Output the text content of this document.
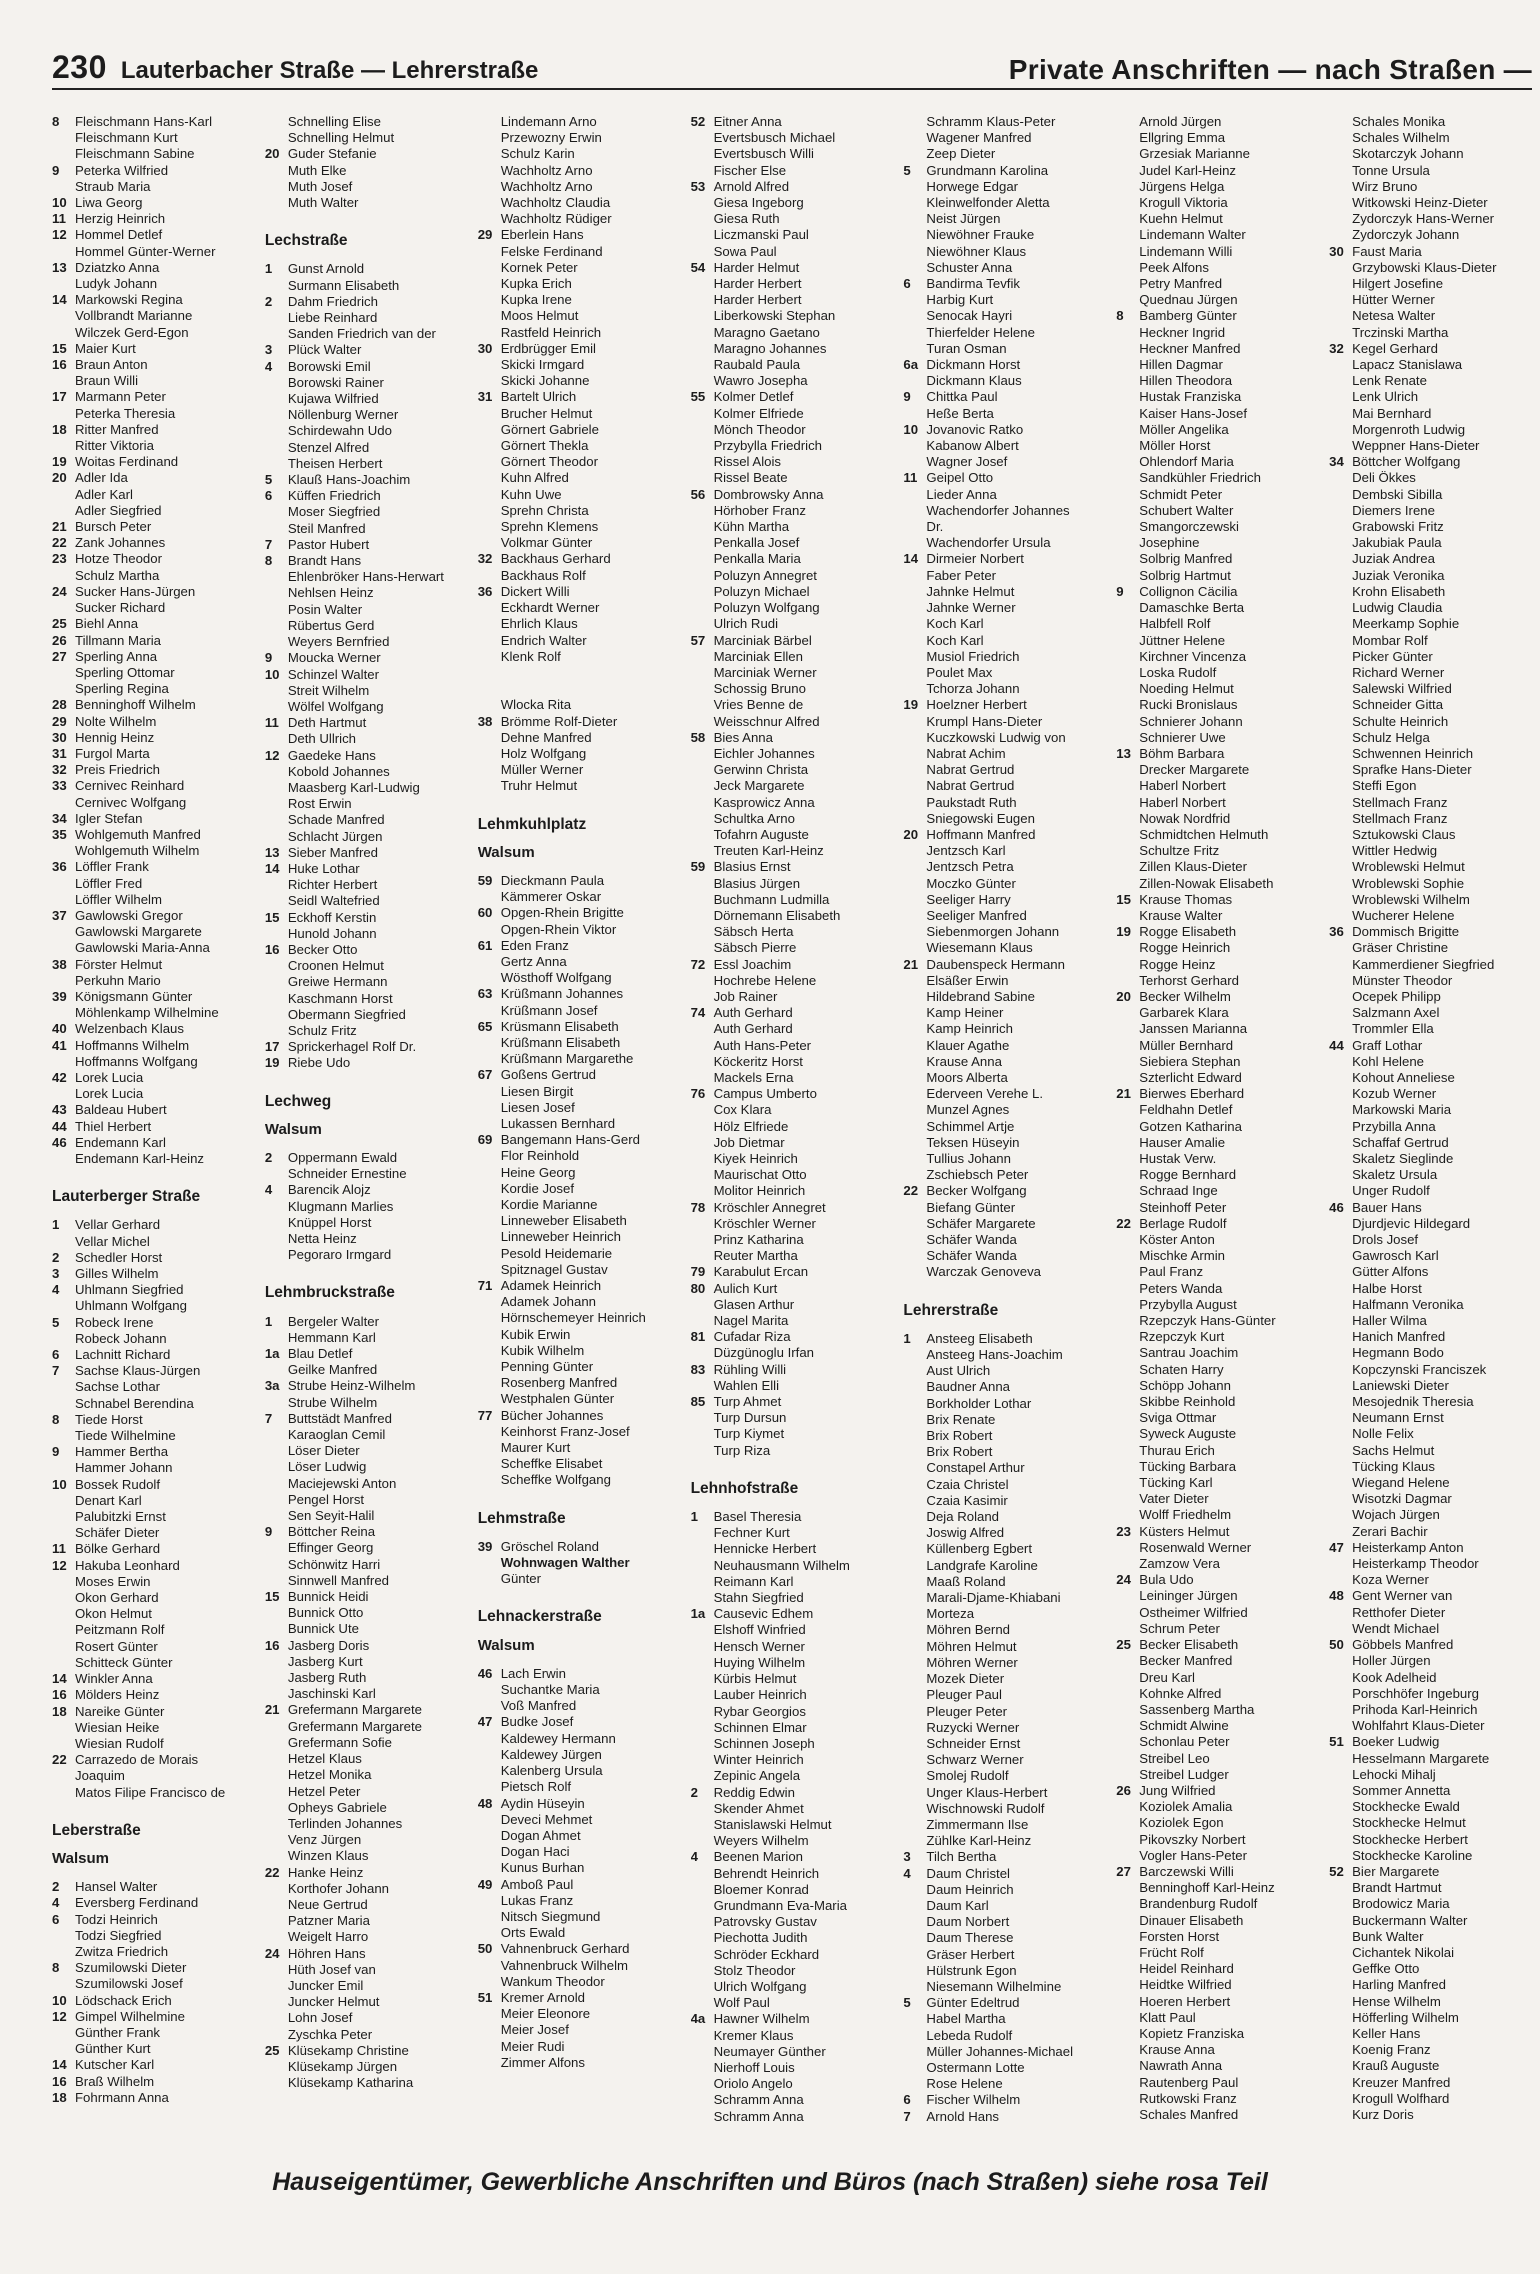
230 Lauterbacher Straße — Lehrerstraße	Private Anschriften — nach Straßen —
8 Fleischmann Hans-Karl
Fleischmann Kurt
Fleischmann Sabine
9 Peterka Wilfried
Straub Maria
10 Liwa Georg
11 Herzig Heinrich
12 Hommel Detlef
Hommel Günter-Werner
13 Dziatzko Anna
Ludyk Johann
14 Markowski Regina
Vollbrandt Marianne
Wilczek Gerd-Egon
15 Maier Kurt
16 Braun Anton
Braun Willi
17 Marmann Peter
Peterka Theresia
18 Ritter Manfred
Ritter Viktoria
19 Woitas Ferdinand
20 Adler Ida
Adler Karl
Adler Siegfried
21 Bursch Peter
22 Zank Johannes
23 Hotze Theodor
Schulz Martha
24 Sucker Hans-Jürgen
Sucker Richard
25 Biehl Anna
26 Tillmann Maria
27 Sperling Anna
Sperling Ottomar
Sperling Regina
28 Benninghoff Wilhelm
29 Nolte Wilhelm
30 Hennig Heinz
31 Furgol Marta
32 Preis Friedrich
33 Cernivec Reinhard
Cernivec Wolfgang
34 Igler Stefan
35 Wohlgemuth Manfred
Wohlgemuth Wilhelm
36 Löffler Frank
Löffler Fred
Löffler Wilhelm
37 Gawlowski Gregor
Gawlowski Margarete
Gawlowski Maria-Anna
38 Förster Helmut
Perkuhn Mario
39 Königsmann Günter
Möhlenkamp Wilhelmine
40 Welzenbach Klaus
41 Hoffmanns Wilhelm
Hoffmanns Wolfgang
42 Lorek Lucia
Lorek Lucia
43 Baldeau Hubert
44 Thiel Herbert
46 Endemann Karl
Endemann Karl-Heinz
Lauterberger Straße
1 Vellar Gerhard
Vellar Michel
2 Schedler Horst
3 Gilles Wilhelm
4 Uhlmann Siegfried
Uhlmann Wolfgang
5 Robeck Irene
Robeck Johann
6 Lachnitt Richard
7 Sachse Klaus-Jürgen
Sachse Lothar
Schnabel Berendina
8 Tiede Horst
Tiede Wilhelmine
9 Hammer Bertha
Hammer Johann
10 Bossek Rudolf
Denart Karl
Palubitzki Ernst
Schäfer Dieter
11 Bölke Gerhard
12 Hakuba Leonhard
Moses Erwin
Okon Gerhard
Okon Helmut
Peitzmann Rolf
Rosert Günter
Schitteck Günter
14 Winkler Anna
16 Mölders Heinz
18 Nareike Günter
Wiesian Heike
Wiesian Rudolf
22 Carrazedo de Morais
Joaquim
Matos Filipe Francisco de
Leberstraße
Walsum
2 Hansel Walter
4 Eversberg Ferdinand
6 Todzi Heinrich
Todzi Siegfried
Zwitza Friedrich
8 Szumilowski Dieter
Szumilowski Josef
10 Lödschack Erich
12 Gimpel Wilhelmine
Günther Frank
Günther Kurt
14 Kutscher Karl
16 Braß Wilhelm
18 Fohrmann Anna
Schnelling Elise
Schnelling Helmut
20 Guder Stefanie
Muth Elke
Muth Josef
Muth Walter
Lechstraße
1 Gunst Arnold
Surmann Elisabeth
2 Dahm Friedrich
Liebe Reinhard
Sanden Friedrich van der
3 Plück Walter
4 Borowski Emil
Borowski Rainer
Kujawa Wilfried
Nöllenburg Werner
Schirdewahn Udo
Stenzel Alfred
Theisen Herbert
5 Klauß Hans-Joachim
6 Küffen Friedrich
Moser Siegfried
Steil Manfred
7 Pastor Hubert
8 Brandt Hans
Ehlenbröker Hans-Herwart
Nehlsen Heinz
Posin Walter
Rübertus Gerd
Weyers Bernfried
9 Moucka Werner
10 Schinzel Walter
Streit Wilhelm
Wölfel Wolfgang
11 Deth Hartmut
Deth Ullrich
12 Gaedeke Hans
Kobold Johannes
Maasberg Karl-Ludwig
Rost Erwin
Schade Manfred
Schlacht Jürgen
13 Sieber Manfred
14 Huke Lothar
Richter Herbert
Seidl Waltefried
15 Eckhoff Kerstin
Hunold Johann
16 Becker Otto
Croonen Helmut
Greiwe Hermann
Kaschmann Horst
Obermann Siegfried
Schulz Fritz
17 Sprickerhagel Rolf Dr.
19 Riebe Udo
Lechweg
Walsum
2 Oppermann Ewald
Schneider Ernestine
4 Barencik Alojz
Klugmann Marlies
Knüppel Horst
Netta Heinz
Pegoraro Irmgard
Lehmbruckstraße
1 Bergeler Walter
Hemmann Karl
1a Blau Detlef
Geilke Manfred
3a Strube Heinz-Wilhelm
Strube Wilhelm
7 Buttstädt Manfred
Karaoglan Cemil
Löser Dieter
Löser Ludwig
Maciejewski Anton
Pengel Horst
Sen Seyit-Halil
9 Böttcher Reina
Effinger Georg
Schönwitz Harri
Sinnwell Manfred
15 Bunnick Heidi
Bunnick Otto
Bunnick Ute
16 Jasberg Doris
Jasberg Kurt
Jasberg Ruth
Jaschinski Karl
21 Grefermann Margarete
Grefermann Margarete
Grefermann Sofie
Hetzel Klaus
Hetzel Monika
Hetzel Peter
Opheys Gabriele
Terlinden Johannes
Venz Jürgen
Winzen Klaus
22 Hanke Heinz
Korthofer Johann
Neue Gertrud
Patzner Maria
Weigelt Harro
24 Höhren Hans
Hüth Josef van
Juncker Emil
Juncker Helmut
Lohn Josef
Zyschka Peter
25 Klüsekamp Christine
Klüsekamp Jürgen
Klüsekamp Katharina
Lindemann Arno
Przewozny Erwin
Schulz Karin
Wachholtz Arno
Wachholtz Arno
Wachholtz Claudia
Wachholtz Rüdiger
29 Eberlein Hans
Felske Ferdinand
Kornek Peter
Kupka Erich
Kupka Irene
Moos Helmut
Rastfeld Heinrich
30 Erdbrügger Emil
Skicki Irmgard
Skicki Johanne
31 Bartelt Ulrich
Brucher Helmut
Görnert Gabriele
Görnert Thekla
Görnert Theodor
Kuhn Alfred
Kuhn Uwe
Sprehn Christa
Sprehn Klemens
Volkmar Günter
32 Backhaus Gerhard
Backhaus Rolf
36 Dickert Willi
Eckhardt Werner
Ehrlich Klaus
Endrich Walter
Klenk Rolf

Wlocka Rita
38 Brömme Rolf-Dieter
Dehne Manfred
Holz Wolfgang
Müller Werner
Truhr Helmut
Lehmkuhlplatz
Walsum
59 Dieckmann Paula
Kämmerer Oskar
60 Opgen-Rhein Brigitte
Opgen-Rhein Viktor
61 Eden Franz
Gertz Anna
Wösthoff Wolfgang
63 Krüßmann Johannes
Krüßmann Josef
65 Krüsmann Elisabeth
Krüßmann Elisabeth
Krüßmann Margarethe
67 Goßens Gertrud
Liesen Birgit
Liesen Josef
Lukassen Bernhard
69 Bangemann Hans-Gerd
Flor Reinhold
Heine Georg
Kordie Josef
Kordie Marianne
Linneweber Elisabeth
Linneweber Heinrich
Pesold Heidemarie
Spitznagel Gustav
71 Adamek Heinrich
Adamek Johann
Hörnschemeyer Heinrich
Kubik Erwin
Kubik Wilhelm
Penning Günter
Rosenberg Manfred
Westphalen Günter
77 Bücher Johannes
Keinhorst Franz-Josef
Maurer Kurt
Scheffke Elisabet
Scheffke Wolfgang
Lehmstraße
39 Gröschel Roland
Wohnwagen Walther
Günter
Lehnackerstraße
Walsum
46 Lach Erwin
Suchantke Maria
Voß Manfred
47 Budke Josef
Kaldewey Hermann
Kaldewey Jürgen
Kalenberg Ursula
Pietsch Rolf
48 Aydin Hüseyin
Deveci Mehmet
Dogan Ahmet
Dogan Haci
Kunus Burhan
49 Amboß Paul
Lukas Franz
Nitsch Siegmund
Orts Ewald
50 Vahnenbruck Gerhard
Vahnenbruck Wilhelm
Wankum Theodor
51 Kremer Arnold
Meier Eleonore
Meier Josef
Meier Rudi
Zimmer Alfons
52 Eitner Anna
Evertsbusch Michael
Evertsbusch Willi
Fischer Else
53 Arnold Alfred
Giesa Ingeborg
Giesa Ruth
Liczmanski Paul
Sowa Paul
54 Harder Helmut
Harder Herbert
Harder Herbert
Liberkowski Stephan
Maragno Gaetano
Maragno Johannes
Raubald Paula
Wawro Josepha
55 Kolmer Detlef
Kolmer Elfriede
Mönch Theodor
Przybylla Friedrich
Rissel Alois
Rissel Beate
56 Dombrowsky Anna
Hörhober Franz
Kühn Martha
Penkalla Josef
Penkalla Maria
Poluzyn Annegret
Poluzyn Michael
Poluzyn Wolfgang
Ulrich Rudi
57 Marciniak Bärbel
Marciniak Ellen
Marciniak Werner
Schossig Bruno
Vries Benne de
Weisschnur Alfred
58 Bies Anna
Eichler Johannes
Gerwinn Christa
Jeck Margarete
Kasprowicz Anna
Schultka Arno
Tofahrn Auguste
Treuten Karl-Heinz
59 Blasius Ernst
Blasius Jürgen
Buchmann Ludmilla
Dörnemann Elisabeth
Säbsch Herta
Säbsch Pierre
72 Essl Joachim
Hochrebe Helene
Job Rainer
74 Auth Gerhard
Auth Gerhard
Auth Hans-Peter
Köckeritz Horst
Mackels Erna
76 Campus Umberto
Cox Klara
Hölz Elfriede
Job Dietmar
Kiyek Heinrich
Maurischat Otto
Molitor Heinrich
78 Kröschler Annegret
Kröschler Werner
Prinz Katharina
Reuter Martha
79 Karabulut Ercan
80 Aulich Kurt
Glasen Arthur
Nagel Marita
81 Cufadar Riza
Düzgünoglu Irfan
83 Rühling Willi
Wahlen Elli
85 Turp Ahmet
Turp Dursun
Turp Kiymet
Turp Riza
Lehnhofstraße
1 Basel Theresia
Fechner Kurt
Hennicke Herbert
Neuhausmann Wilhelm
Reimann Karl
Stahn Siegfried
1a Causevic Edhem
Elshoff Winfried
Hensch Werner
Huying Wilhelm
Kürbis Helmut
Lauber Heinrich
Rybar Georgios
Schinnen Elmar
Schinnen Joseph
Winter Heinrich
Zepinic Angela
2 Reddig Edwin
Skender Ahmet
Stanislawski Helmut
Weyers Wilhelm
4 Beenen Marion
Behrendt Heinrich
Bloemer Konrad
Grundmann Eva-Maria
Patrovsky Gustav
Piechotta Judith
Schröder Eckhard
Stolz Theodor
Ulrich Wolfgang
Wolf Paul
4a Hawner Wilhelm
Kremer Klaus
Neumayer Günther
Nierhoff Louis
Oriolo Angelo
Schramm Anna
Schramm Anna
Schramm Klaus-Peter
Wagener Manfred
Zeep Dieter
5 Grundmann Karolina
Horwege Edgar
Kleinwelfonder Aletta
Neist Jürgen
Niewöhner Frauke
Niewöhner Klaus
Schuster Anna
6 Bandirma Tevfik
Harbig Kurt
Senocak Hayri
Thierfelder Helene
Turan Osman
6a Dickmann Horst
Dickmann Klaus
9 Chittka Paul
Heße Berta
10 Jovanovic Ratko
Kabanow Albert
Wagner Josef
11 Geipel Otto
Lieder Anna
Wachendorfer Johannes
Dr.
Wachendorfer Ursula
14 Dirmeier Norbert
Faber Peter
Jahnke Helmut
Jahnke Werner
Koch Karl
Koch Karl
Musiol Friedrich
Poulet Max
Tchorza Johann
19 Hoelzner Herbert
Krumpl Hans-Dieter
Kuczkowski Ludwig von
Nabrat Achim
Nabrat Gertrud
Nabrat Gertrud
Paukstadt Ruth
Sniegowski Eugen
20 Hoffmann Manfred
Jentzsch Karl
Jentzsch Petra
Moczko Günter
Seeliger Harry
Seeliger Manfred
Siebenmorgen Johann
Wiesemann Klaus
21 Daubenspeck Hermann
Elsäßer Erwin
Hildebrand Sabine
Kamp Heiner
Kamp Heinrich
Klauer Agathe
Krause Anna
Moors Alberta
Ederveen Verehe L.
Munzel Agnes
Schimmel Artje
Teksen Hüseyin
Tullius Johann
Zschiebsch Peter
22 Becker Wolfgang
Biefang Günter
Schäfer Margarete
Schäfer Wanda
Schäfer Wanda
Warczak Genoveva
Lehrerstraße
1 Ansteeg Elisabeth
Ansteeg Hans-Joachim
Aust Ulrich
Baudner Anna
Borkholder Lothar
Brix Renate
Brix Robert
Brix Robert
Constapel Arthur
Czaia Christel
Czaia Kasimir
Deja Roland
Joswig Alfred
Küllenberg Egbert
Landgrafe Karoline
Maaß Roland
Marali-Djame-Khiabani
Morteza
Möhren Bernd
Möhren Helmut
Möhren Werner
Mozek Dieter
Pleuger Paul
Pleuger Peter
Ruzycki Werner
Schneider Ernst
Schwarz Werner
Smolej Rudolf
Unger Klaus-Herbert
Wischnowski Rudolf
Zimmermann Ilse
Zühlke Karl-Heinz
3 Tilch Bertha
4 Daum Christel
Daum Heinrich
Daum Karl
Daum Norbert
Daum Therese
Gräser Herbert
Hülstrunk Egon
Niesemann Wilhelmine
5 Günter Edeltrud
Habel Martha
Lebeda Rudolf
Müller Johannes-Michael
Ostermann Lotte
Rose Helene
6 Fischer Wilhelm
7 Arnold Hans
Arnold Jürgen
Ellgring Emma
Grzesiak Marianne
Judel Karl-Heinz
Jürgens Helga
Krogull Viktoria
Kuehn Helmut
Lindemann Walter
Lindemann Willi
Peek Alfons
Petry Manfred
Quednau Jürgen
8 Bamberg Günter
Heckner Ingrid
Heckner Manfred
Hillen Dagmar
Hillen Theodora
Hustak Franziska
Kaiser Hans-Josef
Möller Angelika
Möller Horst
Ohlendorf Maria
Sandkühler Friedrich
Schmidt Peter
Schubert Walter
Smangorczewski
Josephine
Solbrig Manfred
Solbrig Hartmut
9 Collignon Cäcilia
Damaschke Berta
Halbfell Rolf
Jüttner Helene
Kirchner Vincenza
Loska Rudolf
Noeding Helmut
Rucki Bronislaus
Schnierer Johann
Schnierer Uwe
13 Böhm Barbara
Drecker Margarete
Haberl Norbert
Haberl Norbert
Nowak Nordfrid
Schmidtchen Helmuth
Schultze Fritz
Zillen Klaus-Dieter
Zillen-Nowak Elisabeth
15 Krause Thomas
Krause Walter
19 Rogge Elisabeth
Rogge Heinrich
Rogge Heinz
Terhorst Gerhard
20 Becker Wilhelm
Garbarek Klara
Janssen Marianna
Müller Bernhard
Siebiera Stephan
Szterlicht Edward
21 Bierwes Eberhard
Feldhahn Detlef
Gotzen Katharina
Hauser Amalie
Hustak Verw.
Rogge Bernhard
Schraad Inge
Steinhoff Peter
22 Berlage Rudolf
Köster Anton
Mischke Armin
Paul Franz
Peters Wanda
Przybylla August
Rzepczyk Hans-Günter
Rzepczyk Kurt
Santrau Joachim
Schaten Harry
Schöpp Johann
Skibbe Reinhold
Sviga Ottmar
Syweck Auguste
Thurau Erich
Tücking Barbara
Tücking Karl
Vater Dieter
Wolff Friedhelm
23 Küsters Helmut
Rosenwald Werner
Zamzow Vera
24 Bula Udo
Leininger Jürgen
Ostheimer Wilfried
Schrum Peter
25 Becker Elisabeth
Becker Manfred
Dreu Karl
Kohnke Alfred
Sassenberg Martha
Schmidt Alwine
Schonlau Peter
Streibel Leo
Streibel Ludger
26 Jung Wilfried
Koziolek Amalia
Koziolek Egon
Pikovszky Norbert
Vogler Hans-Peter
27 Barczewski Willi
Benninghoff Karl-Heinz
Brandenburg Rudolf
Dinauer Elisabeth
Forsten Horst
Frücht Rolf
Heidel Reinhard
Heidtke Wilfried
Hoeren Herbert
Klatt Paul
Kopietz Franziska
Krause Anna
Nawrath Anna
Rautenberg Paul
Rutkowski Franz
Schales Manfred
Schales Monika
Schales Wilhelm
Skotarczyk Johann
Tonne Ursula
Wirz Bruno
Witkowski Heinz-Dieter
Zydorczyk Hans-Werner
Zydorczyk Johann
30 Faust Maria
Grzybowski Klaus-Dieter
Hilgert Josefine
Hütter Werner
Netesa Walter
Trczinski Martha
32 Kegel Gerhard
Lapacz Stanislawa
Lenk Renate
Lenk Ulrich
Mai Bernhard
Morgenroth Ludwig
Weppner Hans-Dieter
34 Böttcher Wolfgang
Deli Ökkes
Dembski Sibilla
Diemers Irene
Grabowski Fritz
Jakubiak Paula
Juziak Andrea
Juziak Veronika
Krohn Elisabeth
Ludwig Claudia
Meerkamp Sophie
Mombar Rolf
Picker Günter
Richard Werner
Salewski Wilfried
Schneider Gitta
Schulte Heinrich
Schulz Helga
Schwennen Heinrich
Sprafke Hans-Dieter
Steffi Egon
Stellmach Franz
Stellmach Franz
Sztukowski Claus
Wittler Hedwig
Wroblewski Helmut
Wroblewski Sophie
Wroblewski Wilhelm
Wucherer Helene
36 Dommisch Brigitte
Gräser Christine
Kammerdiener Siegfried
Münster Theodor
Ocepek Philipp
Salzmann Axel
Trommler Ella
44 Graff Lothar
Kohl Helene
Kohout Anneliese
Kozub Werner
Markowski Maria
Przybilla Anna
Schaffaf Gertrud
Skaletz Sieglinde
Skaletz Ursula
Unger Rudolf
46 Bauer Hans
Djurdjevic Hildegard
Drols Josef
Gawrosch Karl
Gütter Alfons
Halbe Horst
Halfmann Veronika
Haller Wilma
Hanich Manfred
Hegmann Bodo
Kopczynski Franciszek
Laniewski Dieter
Mesojednik Theresia
Neumann Ernst
Nolle Felix
Sachs Helmut
Tücking Klaus
Wiegand Helene
Wisotzki Dagmar
Wojach Jürgen
Zerari Bachir
47 Heisterkamp Anton
Heisterkamp Theodor
Koza Werner
48 Gent Werner van
Retthofer Dieter
Wendt Michael
50 Göbbels Manfred
Holler Jürgen
Kook Adelheid
Porschhöfer Ingeburg
Prihoda Karl-Heinrich
Wohlfahrt Klaus-Dieter
51 Boeker Ludwig
Hesselmann Margarete
Lehocki Mihalj
Sommer Annetta
Stockhecke Ewald
Stockhecke Helmut
Stockhecke Herbert
Stockhecke Karoline
52 Bier Margarete
Brandt Hartmut
Brodowicz Maria
Buckermann Walter
Bunk Walter
Cichantek Nikolai
Geffke Otto
Harling Manfred
Hense Wilhelm
Höfferling Wilhelm
Keller Hans
Koenig Franz
Krauß Auguste
Kreuzer Manfred
Krogull Wolfhard
Kurz Doris
Hauseigentümer, Gewerbliche Anschriften und Büros (nach Straßen) siehe rosa Teil
